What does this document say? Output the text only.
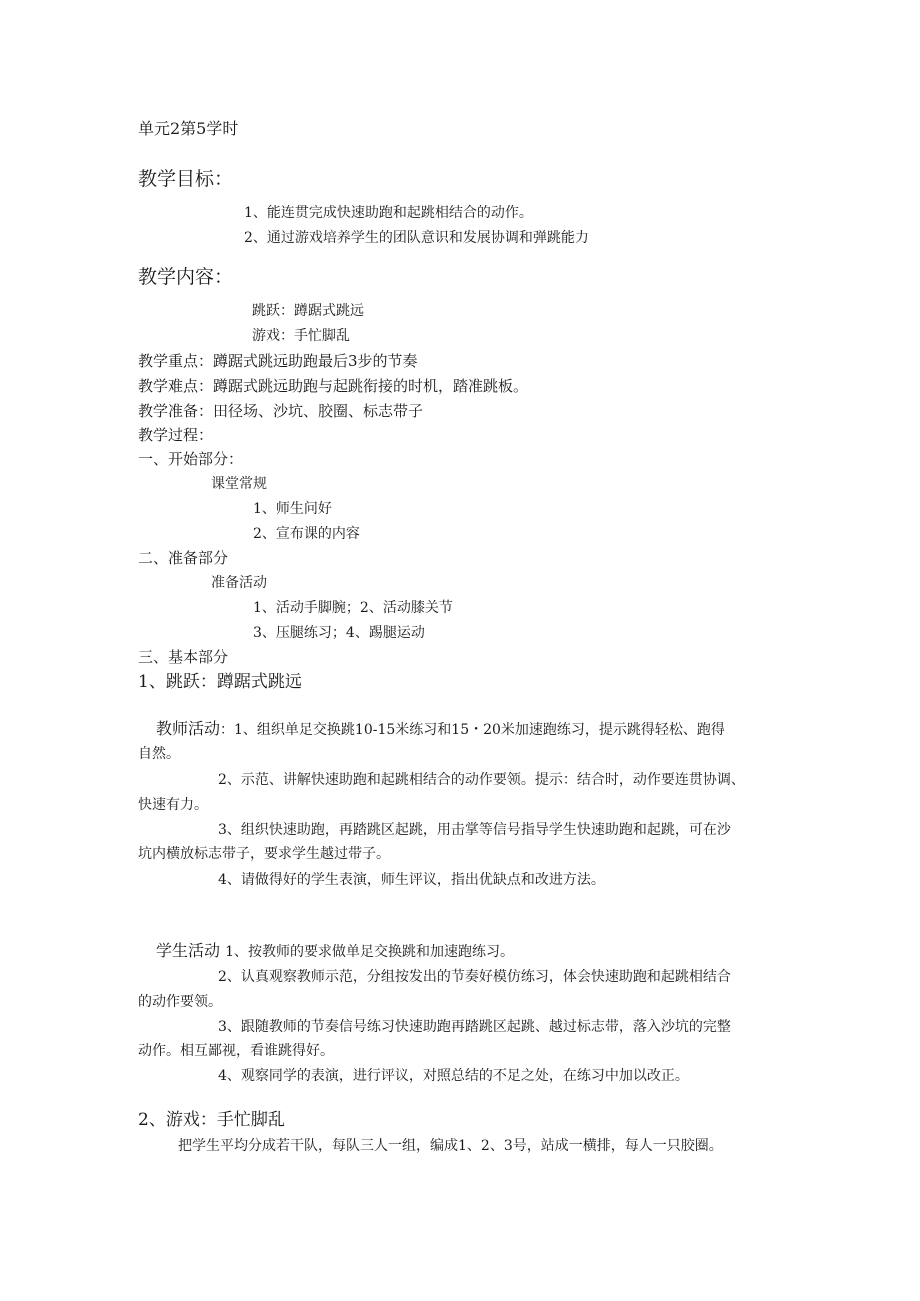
单元2第5学时
教学目标：
1、能连贯完成快速助跑和起跳相结合的动作。
2、通过游戏培养学生的团队意识和发展协调和弹跳能力
教学内容：
跳跃：蹲踞式跳远
游戏：手忙脚乱
教学重点：蹲踞式跳远助跑最后3步的节奏
教学难点：蹲踞式跳远助跑与起跳衔接的时机，踏准跳板。
教学准备：田径场、沙坑、胶圈、标志带子
教学过程：
一、开始部分：
课堂常规
1、师生问好
2、宣布课的内容
二、准备部分
准备活动
1、活动手脚腕；2、活动膝关节
3、压腿练习；4、踢腿运动
三、基本部分
1、跳跃：蹲踞式跳远
教师活动：1、组织单足交换跳10-15米练习和15・20米加速跑练习，提示跳得轻松、跑得
自然。
2、示范、讲解快速助跑和起跳相结合的动作要领。提示：结合时，动作要连贯协调、
快速有力。
3、组织快速助跑，再踏跳区起跳，用击掌等信号指导学生快速助跑和起跳，可在沙
坑内横放标志带子，要求学生越过带子。
4、请做得好的学生表演，师生评议，指出优缺点和改进方法。
学生活动 1、按教师的要求做单足交换跳和加速跑练习。
2、认真观察教师示范，分组按发出的节奏好模仿练习，体会快速助跑和起跳相结合
的动作要领。
3、跟随教师的节奏信号练习快速助跑再踏跳区起跳、越过标志带，落入沙坑的完整
动作。相互鄙视，看谁跳得好。
4、观察同学的表演，进行评议，对照总结的不足之处，在练习中加以改正。
2、游戏：手忙脚乱
把学生平均分成若干队，每队三人一组，编成1、2、3号，站成一横排，每人一只胶圈。
